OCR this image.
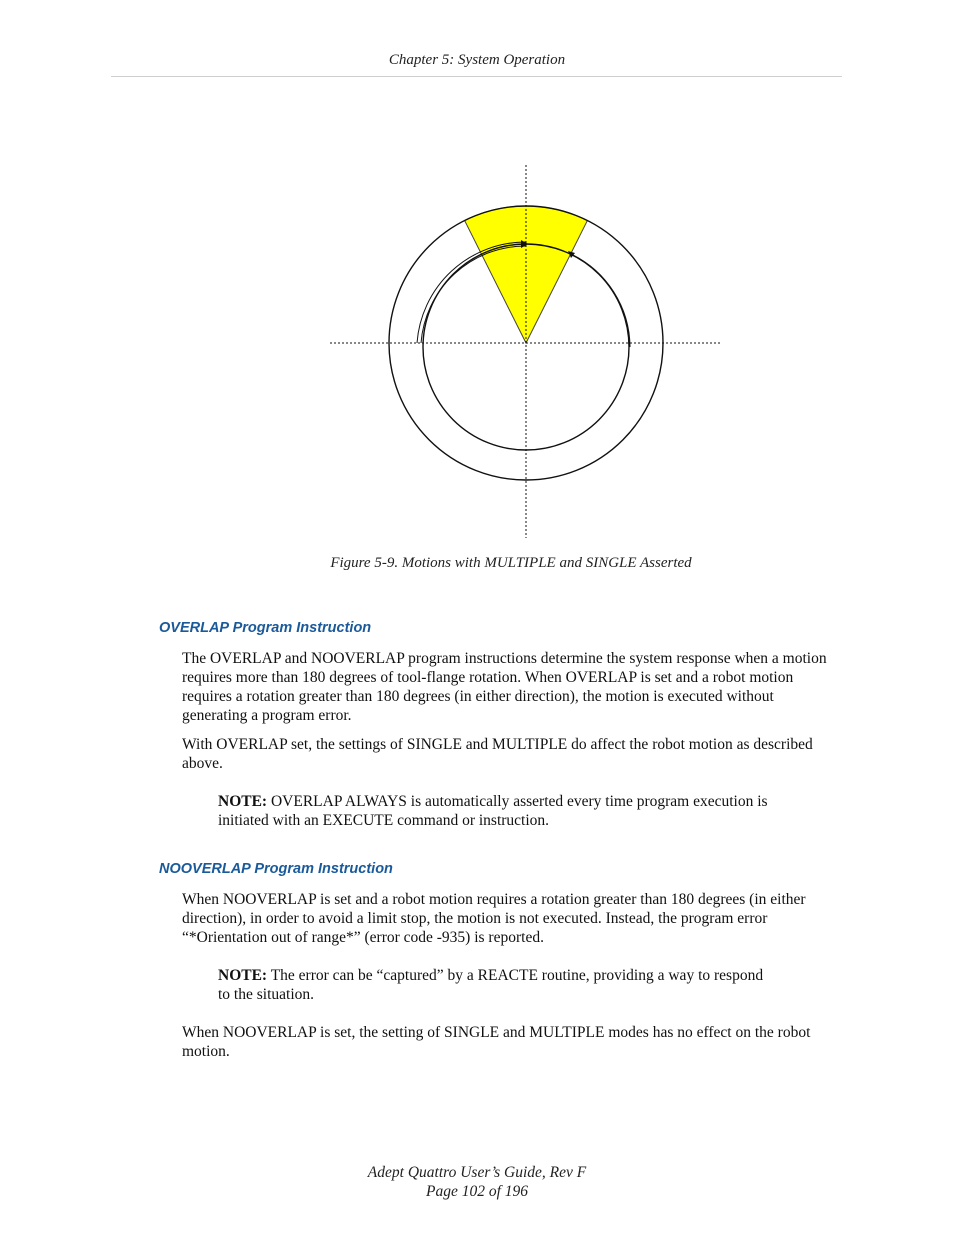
Chapter 5: System Operation
Figure 5-9. Motions with MULTIPLE and SINGLE Asserted
OVERLAP Program Instruction

The OVERLAP and NOOVERLAP program instructions determine the system response when a motion requires more than 180 degrees of tool-flange rotation. When OVERLAP is set and a robot motion requires a rotation greater than 180 degrees (in either direction), the motion is executed without generating a program error.

With OVERLAP set, the settings of SINGLE and MULTIPLE do affect the robot motion as described above.

NOTE: OVERLAP ALWAYS is automatically asserted every time program execution is initiated with an EXECUTE command or instruction.

NOOVERLAP Program Instruction

When NOOVERLAP is set and a robot motion requires a rotation greater than 180 degrees (in either direction), in order to avoid a limit stop, the motion is not executed. Instead, the program error “*Orientation out of range*” (error code -935) is reported.

NOTE: The error can be “captured” by a REACTE routine, providing a way to respond to the situation.

When NOOVERLAP is set, the setting of SINGLE and MULTIPLE modes has no effect on the robot motion.

Adept Quattro User’s Guide, Rev F
Page 102 of 196
